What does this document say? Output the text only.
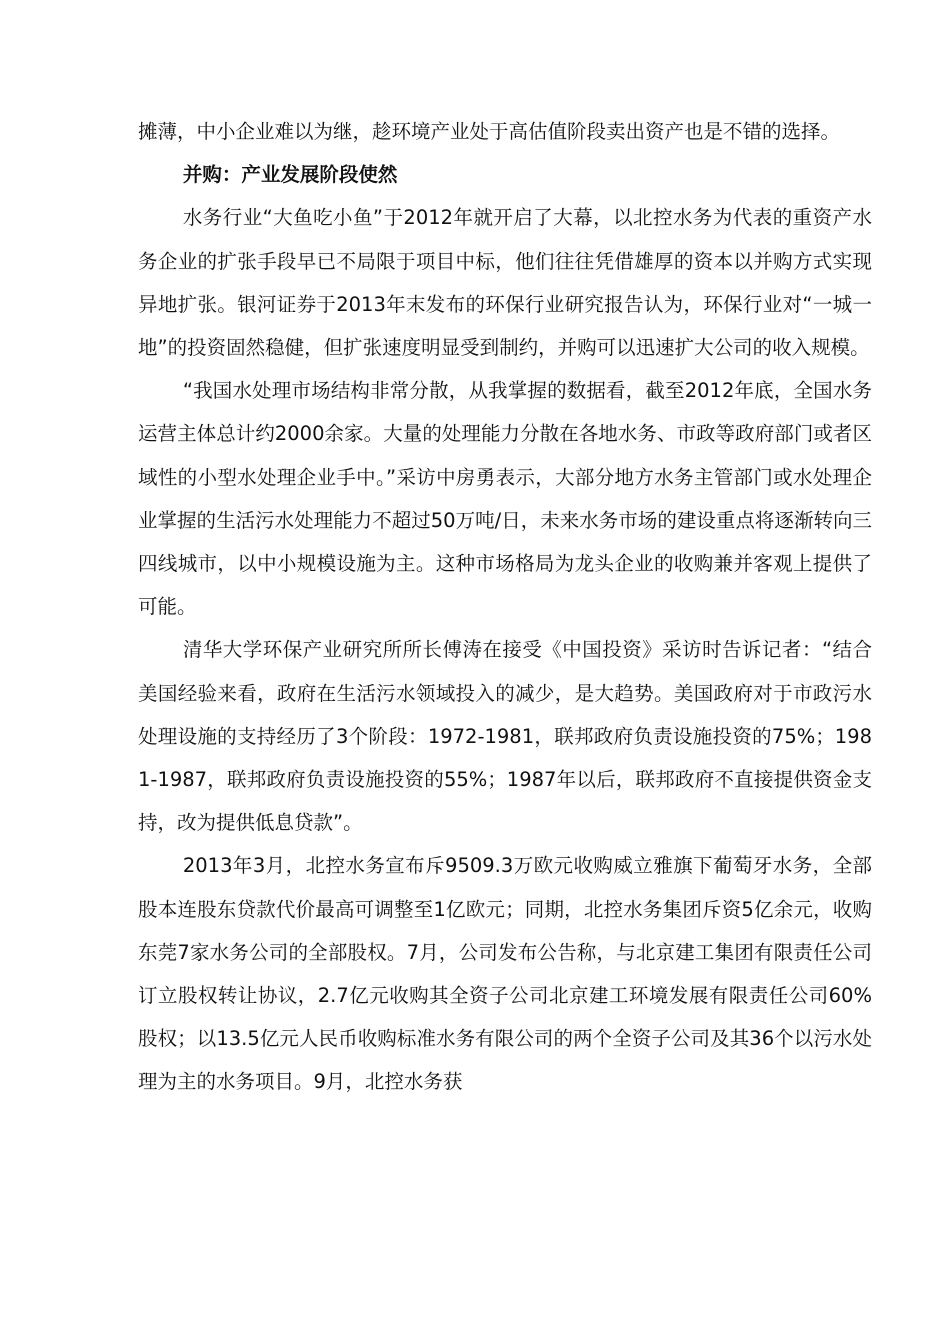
摊薄，中小企业难以为继，趁环境产业处于高估值阶段卖出资产也是不错的选择。

并购：产业发展阶段使然

水务行业“大鱼吃小鱼”于2012年就开启了大幕，以北控水务为代表的重资产水务企业的扩张手段早已不局限于项目中标，他们往往凭借雄厚的资本以并购方式实现异地扩张。银河证券于2013年末发布的环保行业研究报告认为，环保行业对“一城一地”的投资固然稳健，但扩张速度明显受到制约，并购可以迅速扩大公司的收入规模。

“我国水处理市场结构非常分散，从我掌握的数据看，截至2012年底，全国水务运营主体总计约2000余家。大量的处理能力分散在各地水务、市政等政府部门或者区域性的小型水处理企业手中。”采访中房勇表示，大部分地方水务主管部门或水处理企业掌握的生活污水处理能力不超过50万吨/日，未来水务市场的建设重点将逐渐转向三四线城市，以中小规模设施为主。这种市场格局为龙头企业的收购兼并客观上提供了可能。

清华大学环保产业研究所所长傅涛在接受《中国投资》采访时告诉记者：“结合美国经验来看，政府在生活污水领域投入的减少，是大趋势。美国政府对于市政污水处理设施的支持经历了3个阶段：1972-1981，联邦政府负责设施投资的75%；1981-1987，联邦政府负责设施投资的55%；1987年以后，联邦政府不直接提供资金支持，改为提供低息贷款”。

2013年3月，北控水务宣布斥9509.3万欧元收购威立雅旗下葡萄牙水务，全部股本连股东贷款代价最高可调整至1亿欧元；同期，北控水务集团斥资5亿余元，收购东莞7家水务公司的全部股权。7月，公司发布公告称，与北京建工集团有限责任公司订立股权转让协议，2.7亿元收购其全资子公司北京建工环境发展有限责任公司60%股权；以13.5亿元人民币收购标准水务有限公司的两个全资子公司及其36个以污水处理为主的水务项目。9月，北控水务获
